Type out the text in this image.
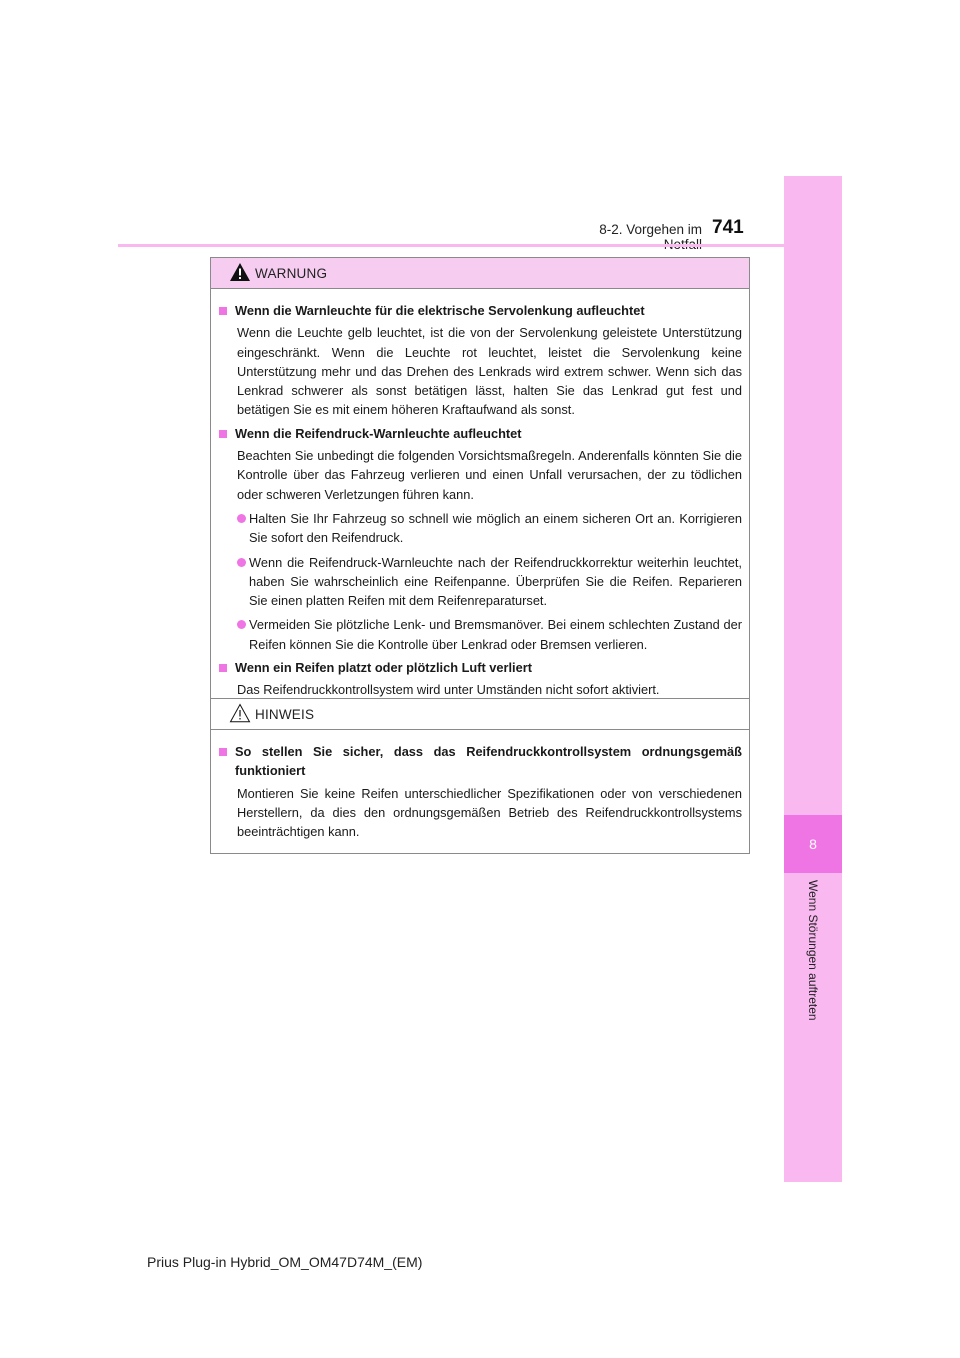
8
Wenn Störungen auftreten
8-2. Vorgehen im 741
WARNUNG
Wenn die Warnleuchte für die elektrische Servolenkung aufleuchtet
Wenn die Leuchte gelb leuchtet, ist die von der Servolenkung geleistete Unterstützung eingeschränkt. Wenn die Leuchte rot leuchtet, leistet die Servolenkung keine Unterstützung mehr und das Drehen des Lenkrads wird extrem schwer. Wenn sich das Lenkrad schwerer als sonst betätigen lässt, halten Sie das Lenkrad gut fest und betätigen Sie es mit einem höheren Kraftaufwand als sonst.
Wenn die Reifendruck-Warnleuchte aufleuchtet
Beachten Sie unbedingt die folgenden Vorsichtsmaßregeln. Anderenfalls könnten Sie die Kontrolle über das Fahrzeug verlieren und einen Unfall verursachen, der zu tödlichen oder schweren Verletzungen führen kann.
Halten Sie Ihr Fahrzeug so schnell wie möglich an einem sicheren Ort an. Korrigieren Sie sofort den Reifendruck.
Wenn die Reifendruck-Warnleuchte nach der Reifendruckkorrektur weiterhin leuchtet, haben Sie wahrscheinlich eine Reifenpanne. Überprüfen Sie die Reifen. Reparieren Sie einen platten Reifen mit dem Reifenreparaturset.
Vermeiden Sie plötzliche Lenk- und Bremsmanöver. Bei einem schlechten Zustand der Reifen können Sie die Kontrolle über Lenkrad oder Bremsen verlieren.
Wenn ein Reifen platzt oder plötzlich Luft verliert
Das Reifendruckkontrollsystem wird unter Umständen nicht sofort aktiviert.
HINWEIS
So stellen Sie sicher, dass das Reifendruckkontrollsystem ordnungsgemäß funktioniert
Montieren Sie keine Reifen unterschiedlicher Spezifikationen oder von verschiedenen Herstellern, da dies den ordnungsgemäßen Betrieb des Reifendruckkontrollsystems beeinträchtigen kann.
Prius Plug-in Hybrid_OM_OM47D74M_(EM)
